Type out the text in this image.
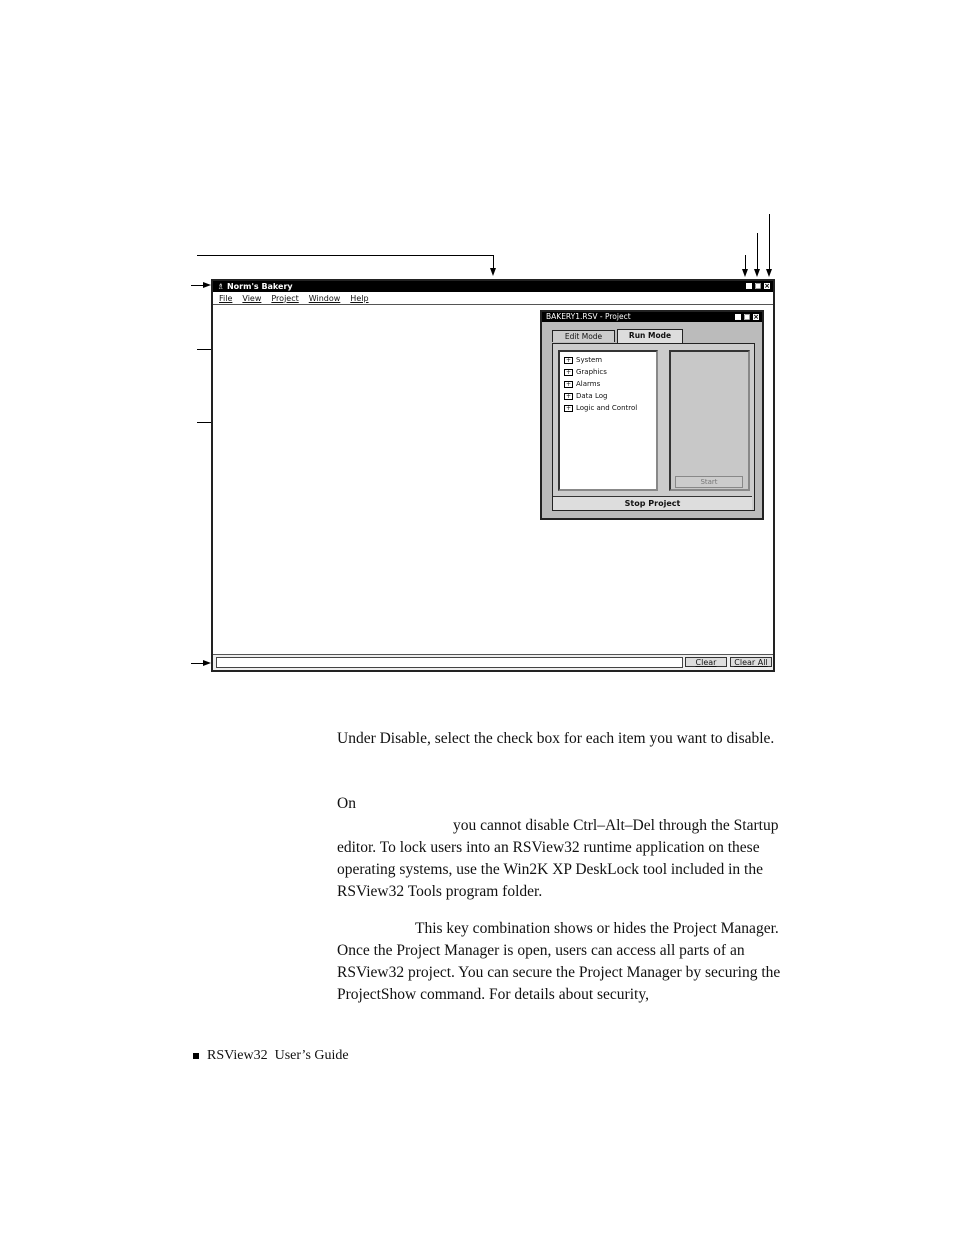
♗ Norm's Bakery	_ □ ×
File View Project Window Help
Clear	Clear All
BAKERY1.RSV - Project	_ □ ×
Edit Mode	Run Mode
+ System
+ Graphics
+ Alarms
+ Data Log
+ Logic and Control
Start
Stop Project
Under Disable, select the check box for each item you want to disable.
On
you cannot disable Ctrl–Alt–Del through the Startup editor. To lock users into an RSView32 runtime application on these operating systems, use the Win2K XP DeskLock tool included in the RSView32 Tools program folder.
This key combination shows or hides the Project Manager. Once the Project Manager is open, users can access all parts of an RSView32 project. You can secure the Project Manager by securing the ProjectShow command. For details about security,
RSView32  User’s Guide
